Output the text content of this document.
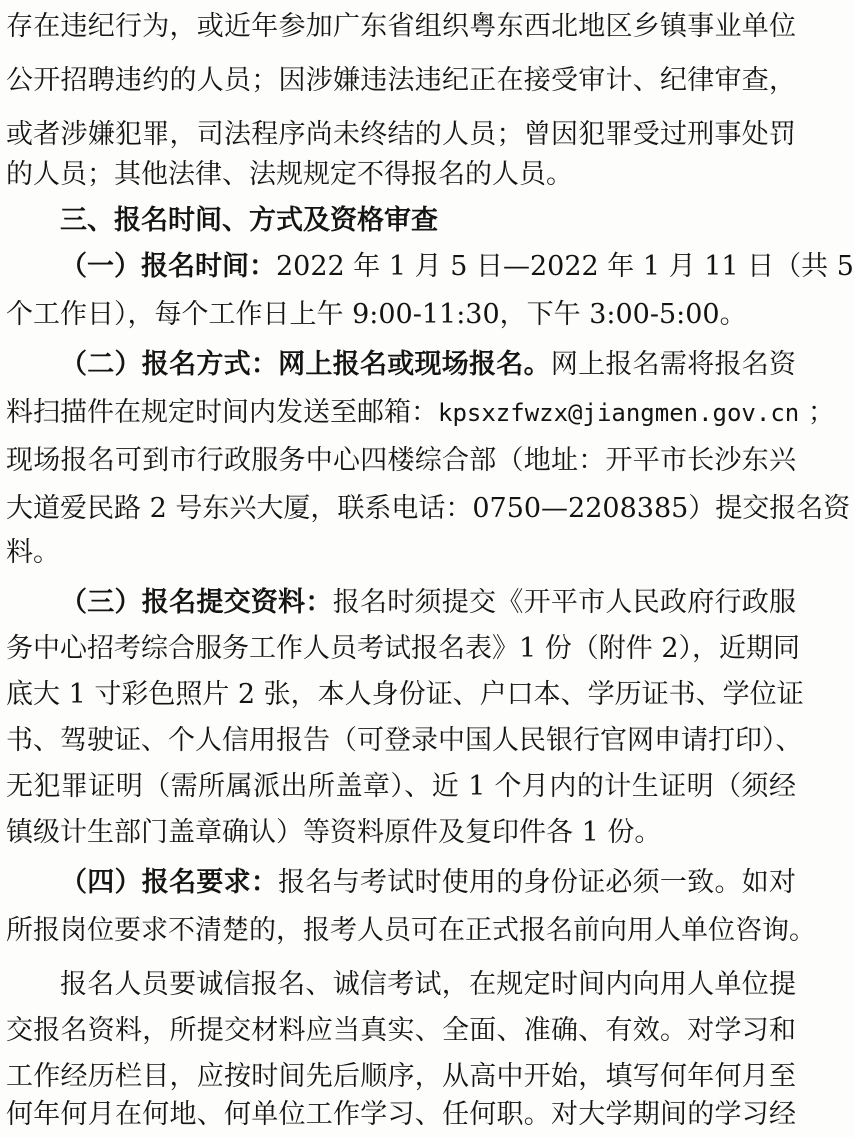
存在违纪行为，或近年参加广东省组织粤东西北地区乡镇事业单位
公开招聘违约的人员；因涉嫌违法违纪正在接受审计、纪律审查，
或者涉嫌犯罪，司法程序尚未终结的人员；曾因犯罪受过刑事处罚
的人员；其他法律、法规规定不得报名的人员。
三、报名时间、方式及资格审查
（一）报名时间：2022 年 1 月 5 日—2022 年 1 月 11 日（共 5
个工作日），每个工作日上午 9:00-11:30，下午 3:00-5:00。
（二）报名方式：网上报名或现场报名。网上报名需将报名资
料扫描件在规定时间内发送至邮箱：kpsxzfwzx@jiangmen.gov.cn ；
现场报名可到市行政服务中心四楼综合部（地址：开平市长沙东兴
大道爱民路 2 号东兴大厦，联系电话：0750—2208385）提交报名资
料。
（三）报名提交资料：报名时须提交《开平市人民政府行政服
务中心招考综合服务工作人员考试报名表》1 份（附件 2），近期同
底大 1 寸彩色照片 2 张，本人身份证、户口本、学历证书、学位证
书、驾驶证、个人信用报告（可登录中国人民银行官网申请打印）、
无犯罪证明（需所属派出所盖章）、近 1 个月内的计生证明（须经
镇级计生部门盖章确认）等资料原件及复印件各 1 份。
（四）报名要求：报名与考试时使用的身份证必须一致。如对
所报岗位要求不清楚的，报考人员可在正式报名前向用人单位咨询。
报名人员要诚信报名、诚信考试，在规定时间内向用人单位提
交报名资料，所提交材料应当真实、全面、准确、有效。对学习和
工作经历栏目，应按时间先后顺序，从高中开始，填写何年何月至
何年何月在何地、何单位工作学习、任何职。对大学期间的学习经
